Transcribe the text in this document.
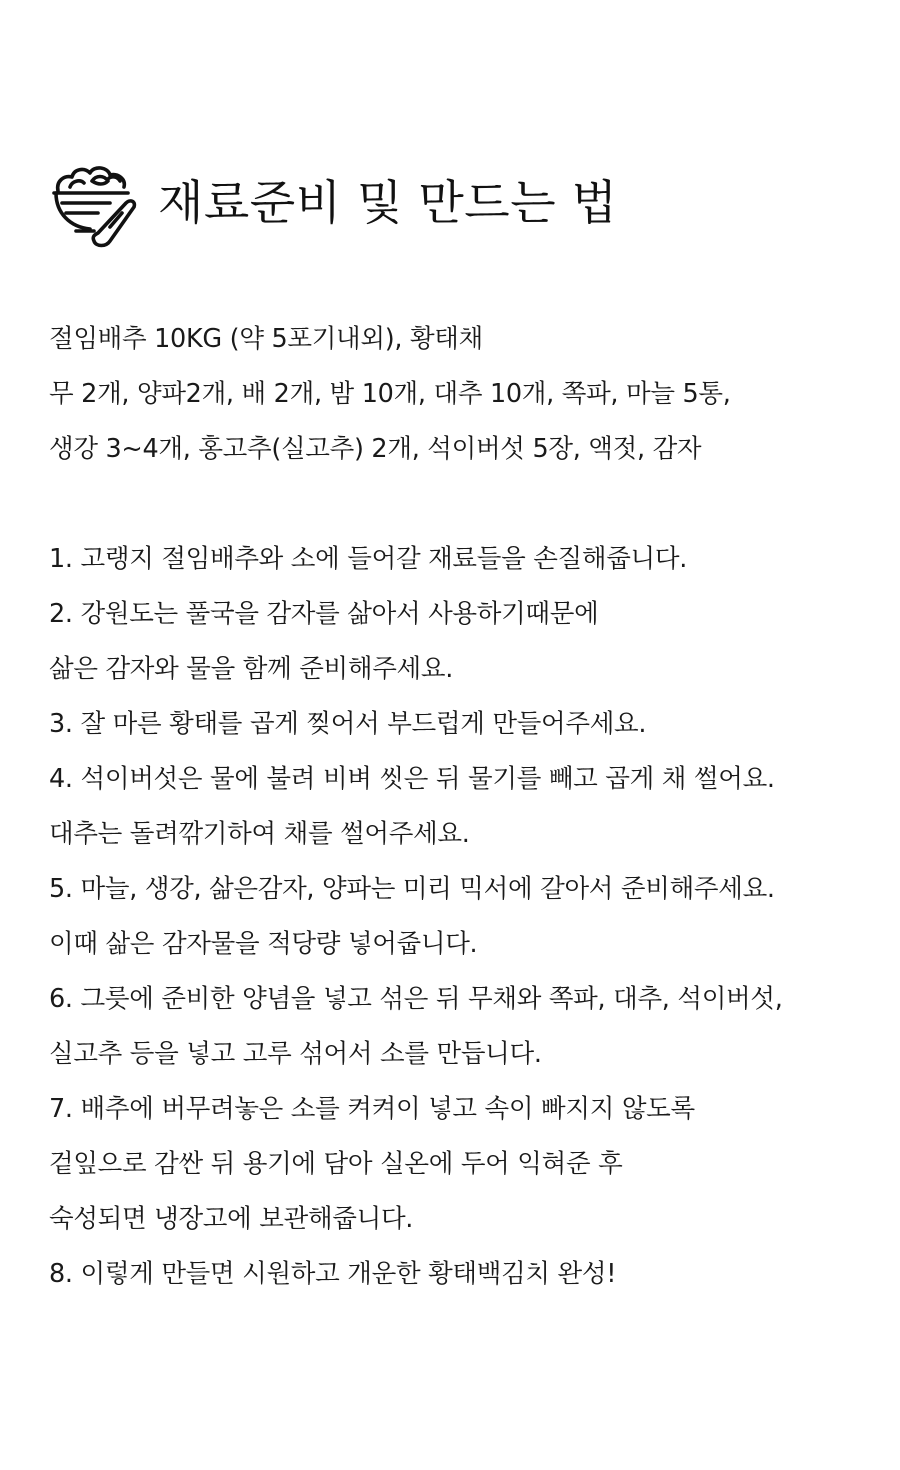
재료준비 및 만드는 법
절임배추 10KG (약 5포기내외), 황태채
무 2개, 양파2개, 배 2개, 밤 10개, 대추 10개, 쪽파, 마늘 5통,
생강 3~4개, 홍고추(실고추) 2개, 석이버섯 5장, 액젓, 감자
1. 고랭지 절임배추와 소에 들어갈 재료들을 손질해줍니다.
2. 강원도는 풀국을 감자를 삶아서 사용하기때문에
삶은 감자와 물을 함께 준비해주세요.
3. 잘 마른 황태를 곱게 찢어서 부드럽게 만들어주세요.
4. 석이버섯은 물에 불려 비벼 씻은 뒤 물기를 빼고 곱게 채 썰어요.
대추는 돌려깎기하여 채를 썰어주세요.
5. 마늘, 생강, 삶은감자, 양파는 미리 믹서에 갈아서 준비해주세요.
이때 삶은 감자물을 적당량 넣어줍니다.
6. 그릇에 준비한 양념을 넣고 섞은 뒤 무채와 쪽파, 대추, 석이버섯,
실고추 등을 넣고 고루 섞어서 소를 만듭니다.
7. 배추에 버무려놓은 소를 켜켜이 넣고 속이 빠지지 않도록
겉잎으로 감싼 뒤 용기에 담아 실온에 두어 익혀준 후
숙성되면 냉장고에 보관해줍니다.
8. 이렇게 만들면 시원하고 개운한 황태백김치 완성!
